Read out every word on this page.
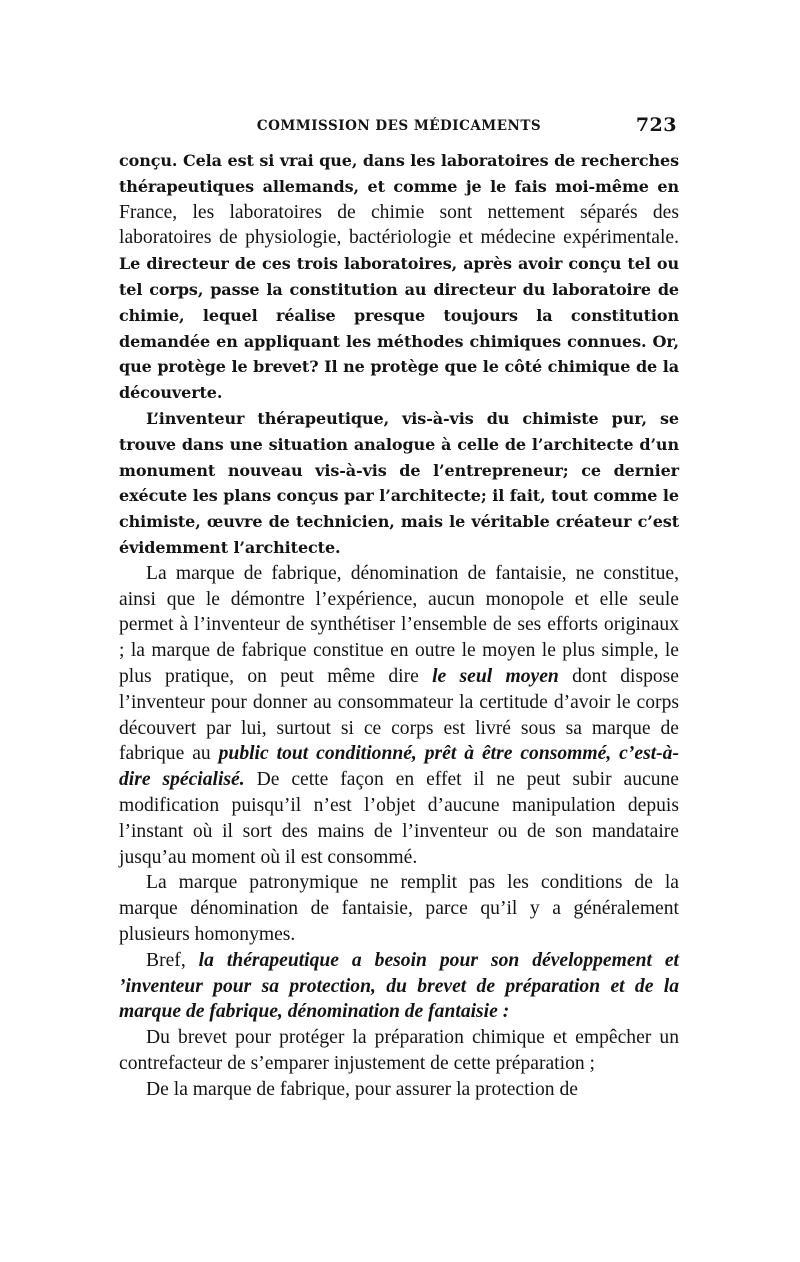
COMMISSION DES MÉDICAMENTS	723

conçu. Cela est si vrai que, dans les laboratoires de recherches thérapeutiques allemands, et comme je le fais moi-même en France, les laboratoires de chimie sont nettement séparés des laboratoires de physiologie, bactériologie et médecine expérimentale. Le directeur de ces trois laboratoires, après avoir conçu tel ou tel corps, passe la constitution au directeur du laboratoire de chimie, lequel réalise presque toujours la constitution demandée en appliquant les méthodes chimiques connues. Or, que protège le brevet? Il ne protège que le côté chimique de la découverte.

L’inventeur thérapeutique, vis-à-vis du chimiste pur, se trouve dans une situation analogue à celle de l’architecte d’un monument nouveau vis-à-vis de l’entrepreneur; ce dernier exécute les plans conçus par l’architecte; il fait, tout comme le chimiste, œuvre de technicien, mais le véritable créateur c’est évidemment l’architecte.

La marque de fabrique, dénomination de fantaisie, ne constitue, ainsi que le démontre l’expérience, aucun monopole et elle seule permet à l’inventeur de synthétiser l’ensemble de ses efforts originaux ; la marque de fabrique constitue en outre le moyen le plus simple, le plus pratique, on peut même dire le seul moyen dont dispose l’inventeur pour donner au consommateur la certitude d’avoir le corps découvert par lui, surtout si ce corps est livré sous sa marque de fabrique au public tout conditionné, prêt à être consommé, c’est-à-dire spécialisé. De cette façon en effet il ne peut subir aucune modification puisqu’il n’est l’objet d’aucune manipulation depuis l’instant où il sort des mains de l’inventeur ou de son mandataire jusqu’au moment où il est consommé.

La marque patronymique ne remplit pas les conditions de la marque dénomination de fantaisie, parce qu’il y a généralement plusieurs homonymes.

Bref, la thérapeutique a besoin pour son développement et ’inventeur pour sa protection, du brevet de préparation et de la marque de fabrique, dénomination de fantaisie :

Du brevet pour protéger la préparation chimique et empêcher un contrefacteur de s’emparer injustement de cette préparation ;

De la marque de fabrique, pour assurer la protection de
